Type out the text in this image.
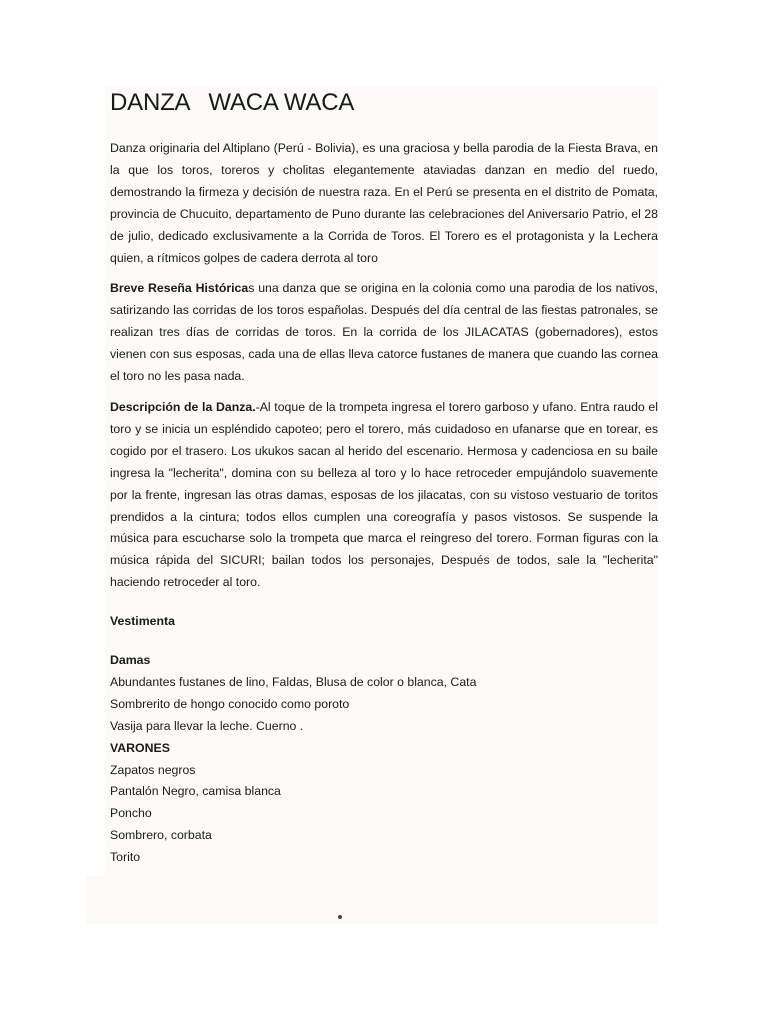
DANZA   WACA WACA

Danza originaria del Altiplano (Perú - Bolivia), es una graciosa y bella parodia de la Fiesta Brava, en la que los toros, toreros y cholitas elegantemente ataviadas danzan en medio del ruedo, demostrando la firmeza y decisión de nuestra raza. En el Perú se presenta en el distrito de Pomata, provincia de Chucuito, departamento de Puno durante las celebraciones del Aniversario Patrio, el 28 de julio, dedicado exclusivamente a la Corrida de Toros. El Torero es el protagonista y la Lechera quien, a rítmicos golpes de cadera derrota al toro

Breve Reseña Históricas una danza que se origina en la colonia como una parodia de los nativos, satirizando las corridas de los toros españolas. Después del día central de las fiestas patronales, se realizan tres días de corridas de toros. En la corrida de los JILACATAS (gobernadores), estos vienen con sus esposas, cada una de ellas lleva catorce fustanes de manera que cuando las cornea el toro no les pasa nada.

Descripción de la Danza.-Al toque de la trompeta ingresa el torero garboso y ufano. Entra raudo el toro y se inicia un espléndido capoteo; pero el torero, más cuidadoso en ufanarse que en torear, es cogido por el trasero. Los ukukos sacan al herido del escenario. Hermosa y cadenciosa en su baile ingresa la "lecherita", domina con su belleza al toro y lo hace retroceder empujándolo suavemente por la frente, ingresan las otras damas, esposas de los jilacatas, con su vistoso vestuario de toritos prendidos a la cintura; todos ellos cumplen una coreografía y pasos vistosos. Se suspende la música para escucharse solo la trompeta que marca el reingreso del torero. Forman figuras con la música rápida del SICURI; bailan todos los personajes, Después de todos, sale la "lecherita" haciendo retroceder al toro.

Vestimenta

Damas

Abundantes fustanes de lino, Faldas, Blusa de color o blanca, Cata
Sombrerito de hongo conocido como poroto
Vasija para llevar la leche. Cuerno .

VARONES

Zapatos negros
Pantalón Negro, camisa blanca
Poncho
Sombrero, corbata
Torito
